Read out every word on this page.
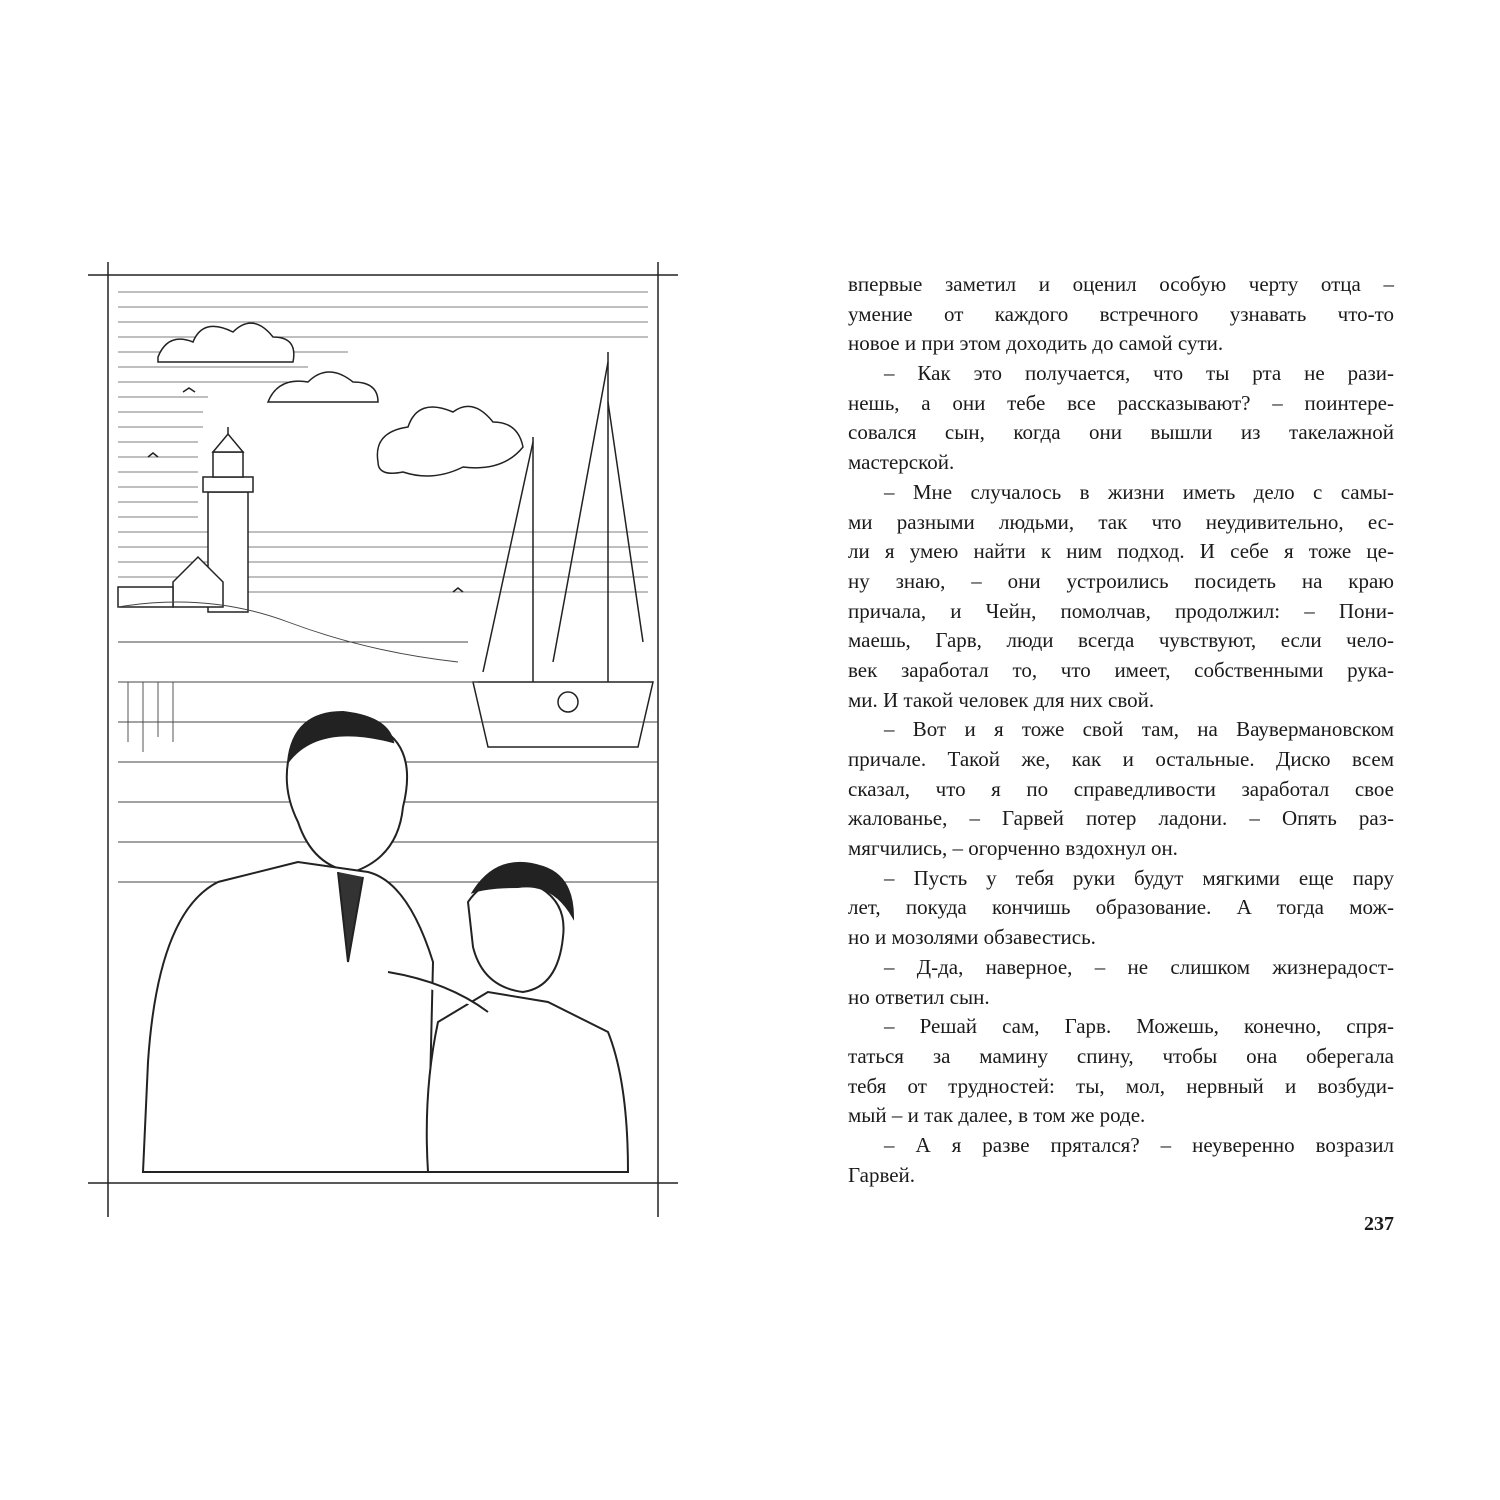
впервые заметил и оценил особую черту отца –
умение от каждого встречного узнавать что-то
новое и при этом доходить до самой сути.
– Как это получается, что ты рта не рази-
нешь, а они тебе все рассказывают? – поинтере-
совался сын, когда они вышли из такелажной
мастерской.
– Мне случалось в жизни иметь дело с самы-
ми разными людьми, так что неудивительно, ес-
ли я умею найти к ним подход. И себе я тоже це-
ну знаю, – они устроились посидеть на краю
причала, и Чейн, помолчав, продолжил: – Пони-
маешь, Гарв, люди всегда чувствуют, если чело-
век заработал то, что имеет, собственными рука-
ми. И такой человек для них свой.
– Вот и я тоже свой там, на Ваувермановском
причале. Такой же, как и остальные. Диско всем
сказал, что я по справедливости заработал свое
жалованье, – Гарвей потер ладони. – Опять раз-
мягчились, – огорченно вздохнул он.
– Пусть у тебя руки будут мягкими еще пару
лет, покуда кончишь образование. А тогда мож-
но и мозолями обзавестись.
– Д-да, наверное, – не слишком жизнерадост-
но ответил сын.
– Решай сам, Гарв. Можешь, конечно, спря-
таться за мамину спину, чтобы она оберегала
тебя от трудностей: ты, мол, нервный и возбуди-
мый – и так далее, в том же роде.
– А я разве прятался? – неуверенно возразил
Гарвей.
237
